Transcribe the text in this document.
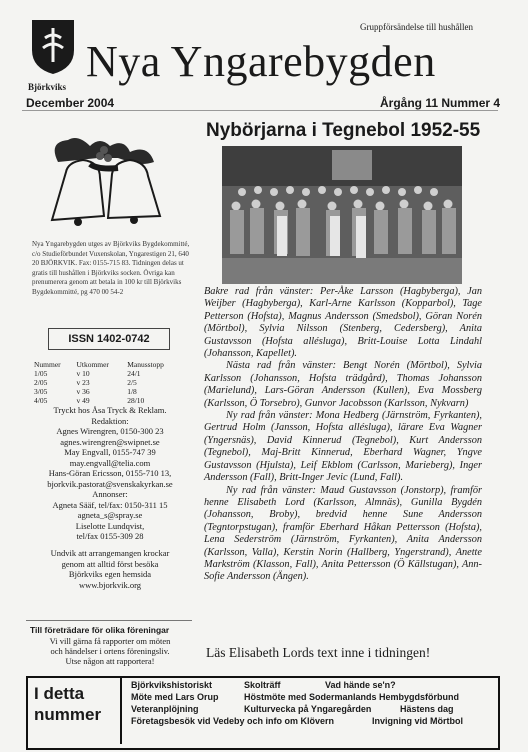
Björkviks
Gruppförsändelse till hushållen
Nya Yngarebygden
December 2004	Årgång 11 Nummer 4
Nya Yngarebygden utges av Björkviks Bygdekommitté, c/o Studieförbundet Vuxenskolan, Yngarestigen 21, 640 20 BJÖRKVIK. Fax: 0155-715 83. Tidningen delas ut gratis till hushållen i Björkviks socken. Övriga kan prenumerera genom att betala in 100 kr till Björkviks Bygdekommitté, pg 470 00 54-2
ISSN 1402-0742
Nummer	Utkommer	Manusstopp
1/05	v 10	24/1
2/05	v 23	2/5
3/05	v 36	1/8
4/05	v 49	28/10
Tryckt hos Åsa Tryck & Reklam.
Redaktion:
Agnes Wirengren, 0150-300 23
agnes.wirengren@swipnet.se
May Engvall, 0155-747 39
may.engvall@telia.com
Hans-Göran Ericsson, 0155-710 13,
bjorkvik.pastorat@svenskakyrkan.se
Annonser:
Agneta Sääf, tel/fax: 0150-311 15
agneta_s@spray.se
Liselotte Lundqvist,
tel/fax 0155-309 28
Undvik att arrangemangen krockar
genom att alltid först besöka
Björkviks egen hemsida
www.bjorkvik.org
Till företrädare för olika föreningar
Vi vill gärna få rapporter om möten
och händelser i ortens föreningsliv.
Utse någon att rapportera!
Nybörjarna i Tegnebol 1952-55

Bakre rad från vänster: Per-Åke Larsson (Hagbyberga), Jan Weijber (Hagbyberga), Karl-Arne Karlsson (Kopparbol), Tage Petterson (Hofsta), Magnus Andersson (Smedsbol), Göran Norén (Mörtbol), Sylvia Nilsson (Stenberg, Cedersberg), Anita Gustavsson (Hofsta allésluga), Britt-Louise Lotta Lindahl (Johansson, Kapellet).

Nästa rad från vänster: Bengt Norén (Mörtbol), Sylvia Karlsson (Johansson, Hofsta trädgård), Thomas Johansson (Marielund), Lars-Göran Andersson (Kullen), Eva Mossberg (Karlsson, Ö Torsebro), Gunvor Jacobsson (Karlsson, Nykvarn)

Ny rad från vänster: Mona Hedberg (Järnström, Fyrkanten), Gertrud Holm (Jansson, Hofsta allésluga), lärare Eva Wagner (Yngersnäs), David Kinnerud (Tegnebol), Kurt Andersson (Tegnebol), Maj-Britt Kinnerud, Eberhard Wagner, Yngve Gustavsson (Hjulsta), Leif Ekblom (Carlsson, Marieberg), Inger Andersson (Fall), Britt-Inger Jevic (Lund, Fall).

Ny rad från vänster: Maud Gustavsson (Jonstorp), framför henne Elisabeth Lord (Karlsson, Almnäs), Gunilla Bygdén (Johansson, Broby), bredvid henne Sune Andersson (Tegntorpstugan), framför Eberhard Håkan Pettersson (Hofsta), Lena Sederström (Järnström, Fyrkanten), Anita Andersson (Karlsson, Valla), Kerstin Norin (Hallberg, Yngerstrand), Anette Markström (Klasson, Fall), Anita Pettersson (Ö Källstugan), Ann-Sofie Andersson (Ängen).

Läs Elisabeth Lords text inne i tidningen!
I detta
nummer
Björkvikshistoriskt	Skolträff	Vad hände se'n?
Möte med Lars Orup	Höstmöte med Sodermanlands Hembygdsförbund
Veteranplöjning	Kulturvecka på Yngaregården	Hästens dag
Företagsbesök vid Vedeby och info om Klövern	Invigning vid Mörtbol
